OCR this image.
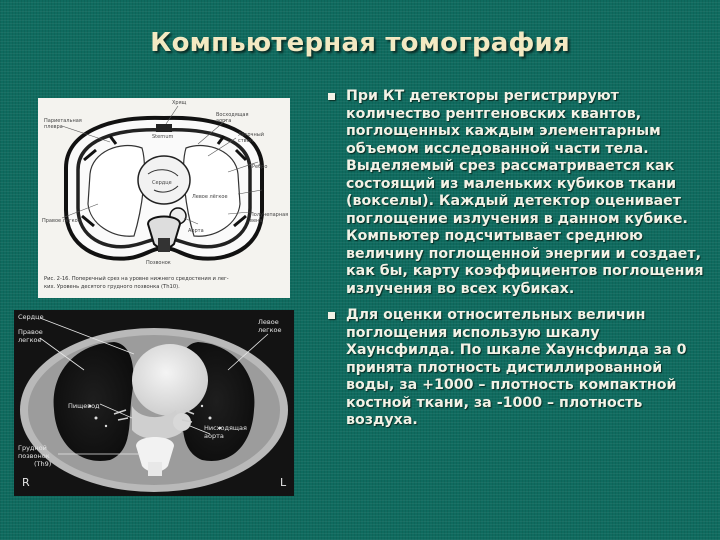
Компьютерная томография
Париетальная
плевра
Хрящ
Восходящая
аорта
Лёгочный
ствол
Ребро
Полунепарная
вена
Правое лёгкое
Сердце
Аорта
Левое лёгкое
Позвонок
Sternum
Рис. 2-16. Поперечный срез на уровне нижнего средостения и лег-
ких. Уровень десятого грудного позвонка (Th10).
Сердце
Правое
легкое
Левое
легкое
Пищевод
Нисходящая
аорта
Грудной
позвонок
(Th9)
R	L
При КТ детекторы регистрируют количество рентгеновских квантов, поглощенных каждым элементарным объемом исследованной части тела. Выделяемый срез рассматривается как состоящий из маленьких кубиков ткани (вокселы). Каждый детектор оценивает поглощение излучения в данном кубике. Компьютер подсчитывает среднюю величину поглощенной энергии и создает, как бы, карту коэффициентов поглощения излучения во всех кубиках.
Для оценки относительных величин поглощения использую шкалу Хаунсфилда. По шкале Хаунсфилда за 0 принята плотность дистиллированной воды, за +1000 – плотность компактной костной ткани, за -1000 – плотность воздуха.
